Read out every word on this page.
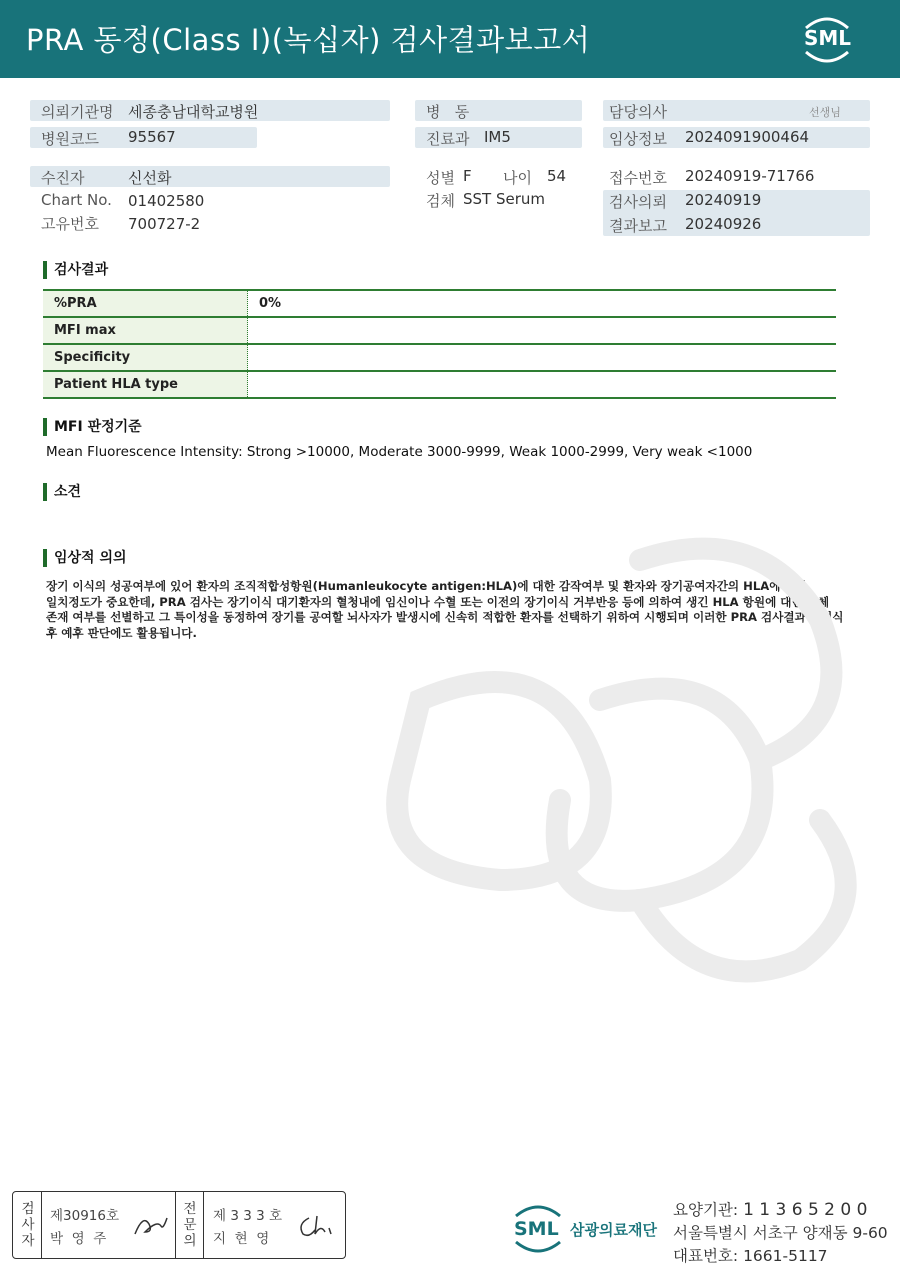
PRA 동정(Class I)(녹십자) 검사결과보고서	SML
의뢰기관명 세종충남대학교병원
병원코드 95567
병   동
진료과 IM5
담당의사	선생님
임상정보 2024091900464
수진자	신선화
Chart No. 01402580
고유번호 700727-2
성별 F 나이 54
검체 SST Serum
접수번호 20240919-71766
검사의뢰 20240919
결과보고 20240926
검사결과
%PRA	0%
MFI max
Specificity
Patient HLA type
MFI 판정기준
Mean Fluorescence Intensity: Strong >10000, Moderate 3000-9999, Weak 1000-2999, Very weak <1000
소견
임상적 의의
장기 이식의 성공여부에 있어 환자의 조직적합성항원(Humanleukocyte antigen:HLA)에 대한 감작여부 및 환자와 장기공여자간의 HLA에 대한
일치정도가 중요한데, PRA 검사는 장기이식 대기환자의 혈청내에 임신이나 수혈 또는 이전의 장기이식 거부반응 등에 의하여 생긴 HLA 항원에 대한 항체
존재 여부를 선별하고 그 특이성을 동정하여 장기를 공여할 뇌사자가 발생시에 신속히 적합한 환자를 선택하기 위하여 시행되며 이러한 PRA 검사결과는 이식
후 예후 판단에도 활용됩니다.
검
사
자
제30916호
박  영  주
전
문
의
제 3 3 3 호
지  현  영	SML 삼광의료재단
요양기관: 1 1 3 6 5 2 0 0
서울특별시 서초구 양재동 9-60
대표번호: 1661-5117
